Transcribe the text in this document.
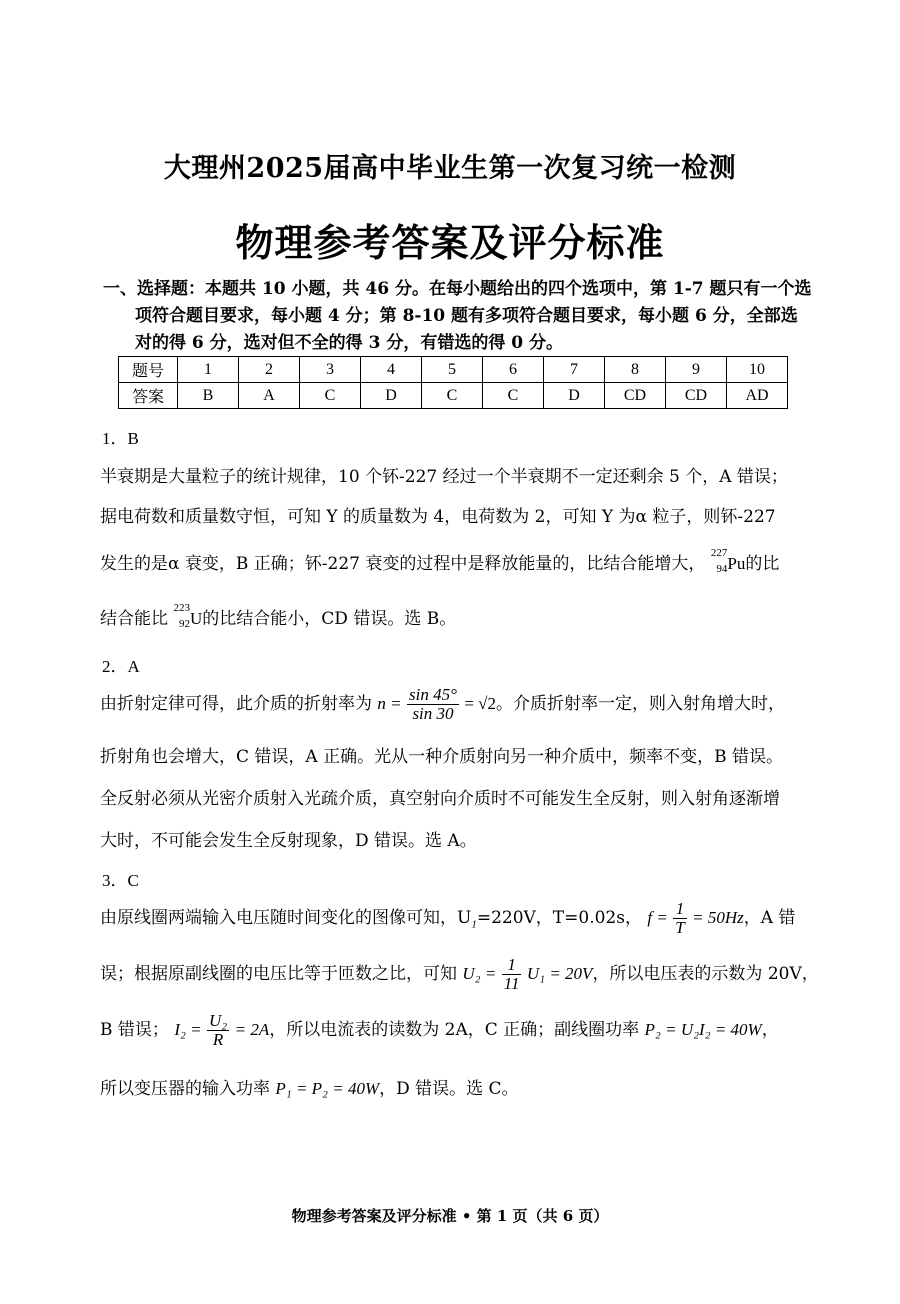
大理州2025届高中毕业生第一次复习统一检测
物理参考答案及评分标准
一、选择题：本题共 10 小题，共 46 分。在每小题给出的四个选项中，第 1-7 题只有一个选
项符合题目要求，每小题 4 分；第 8-10 题有多项符合题目要求，每小题 6 分，全部选
对的得 6 分，选对但不全的得 3 分，有错选的得 0 分。
题号	1	2	3	4	5	6	7	8	9	10
答案	B	A	C	D	C	C	D	CD	CD	AD
1．B
半衰期是大量粒子的统计规律，10 个钚-227 经过一个半衰期不一定还剩余 5 个，A 错误；
据电荷数和质量数守恒，可知 Y 的质量数为 4，电荷数为 2，可知 Y 为α 粒子，则钚-227
发生的是α 衰变，B 正确；钚-227 衰变的过程中是释放能量的，比结合能增大，
227
94 Pu的比
结合能比
223
92 U的比结合能小，CD 错误。选 B。
2．A
由折射定律可得，此介质的折射率为 $n = \frac{\sin 45^\circ}{\sin 30} = √2$。介质折射率一定，则入射角增大时，
折射角也会增大，C 错误，A 正确。光从一种介质射向另一种介质中，频率不变，B 错误。
全反射必须从光密介质射入光疏介质，真空射向介质时不可能发生全反射，则入射角逐渐增
大时，不可能会发生全反射现象，D 错误。选 A。
3．C
由原线圈两端输入电压随时间变化的图像可知，$U_1=220V$，T=0.02s， $f = \frac{1}{T} = 50Hz$，A 错
误；根据原副线圈的电压比等于匝数之比，可知 $U_2 = \frac{1}{11} U_1 = 20V$，所以电压表的示数为 20V，
B 错误； $I_2 = \frac{\text{U₂}}{R} = 2A$，所以电流表的读数为 2A，C 正确；副线圈功率 P₂ = U₂I₂ = 40W，
所以变压器的输入功率 P₁ = P₂ = 40W，D 错误。选 C。
物理参考答案及评分标准 • 第 1 页（共 6 页）
